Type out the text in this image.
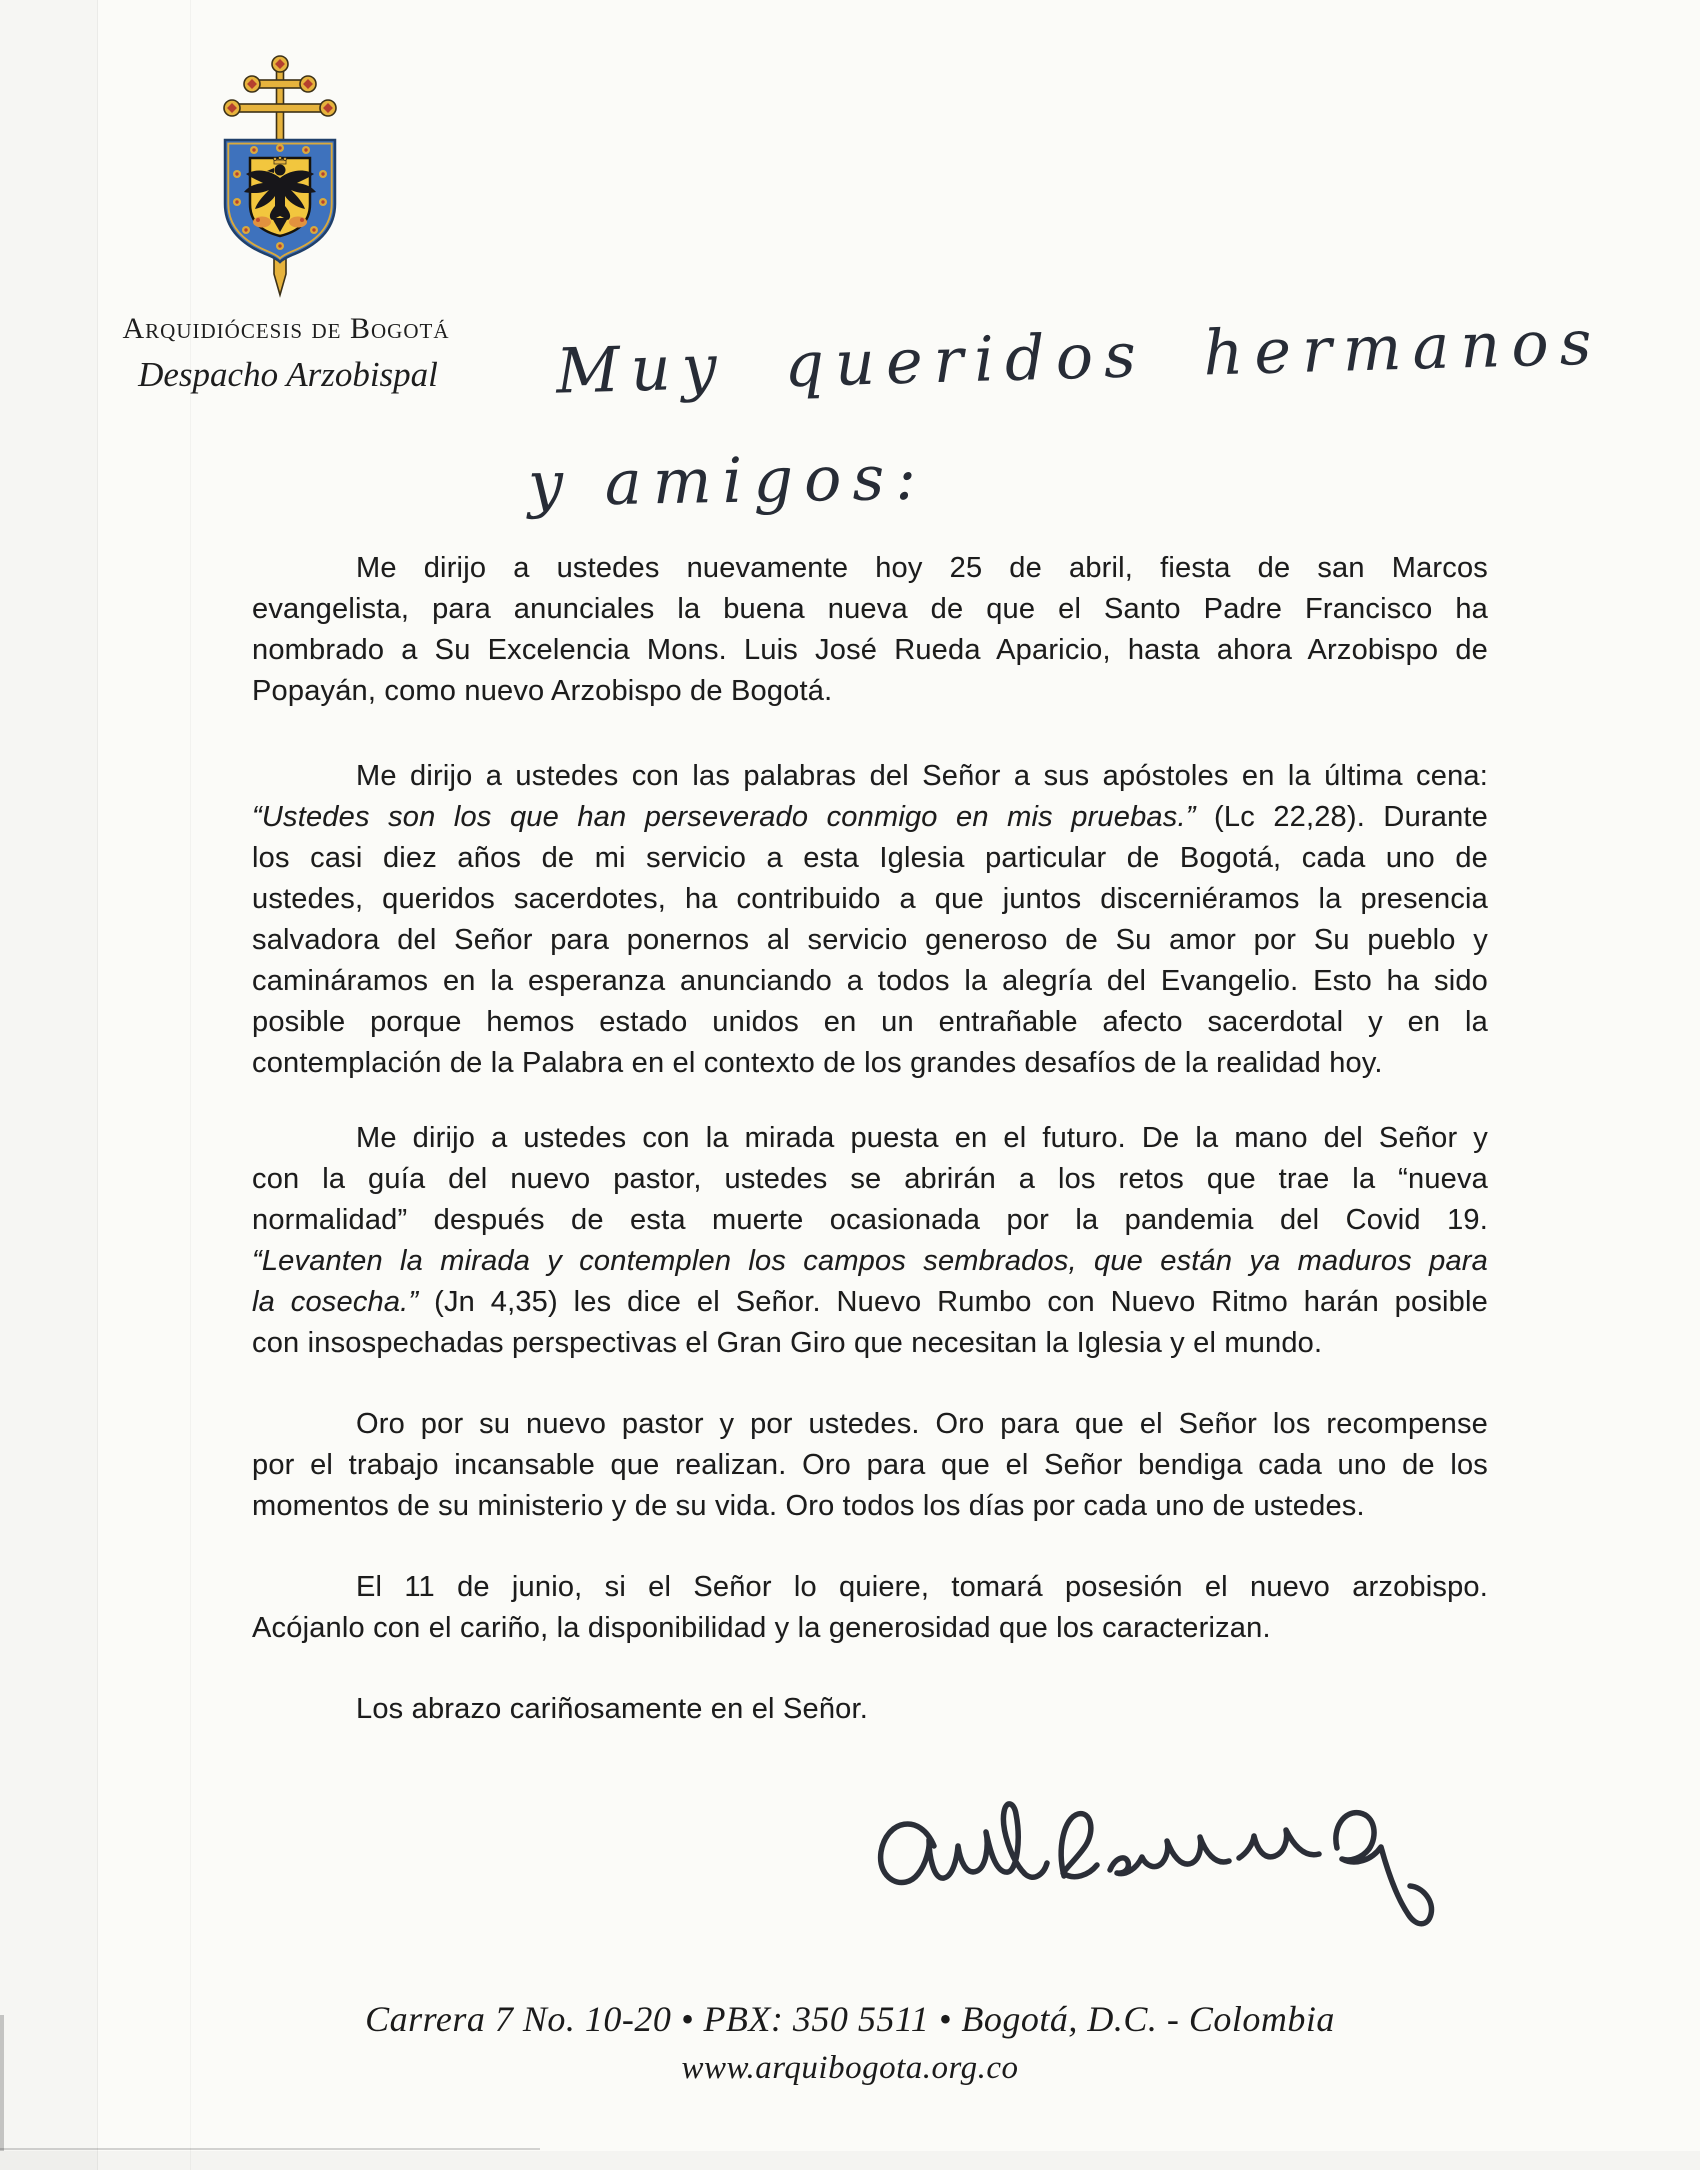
Arquidiócesis de Bogotá
Despacho Arzobispal Muy queridos hermanos
y amigos:
Me dirijo a ustedes nuevamente hoy 25 de abril, fiesta de san Marcos
evangelista, para anunciales la buena nueva de que el Santo Padre Francisco ha
nombrado a Su Excelencia Mons. Luis José Rueda Aparicio, hasta ahora Arzobispo de
Popayán, como nuevo Arzobispo de Bogotá.
Me dirijo a ustedes con las palabras del Señor a sus apóstoles en la última cena:
“Ustedes son los que han perseverado conmigo en mis pruebas.” (Lc 22,28). Durante
los casi diez años de mi servicio a esta Iglesia particular de Bogotá, cada uno de
ustedes, queridos sacerdotes, ha contribuido a que juntos discerniéramos la presencia
salvadora del Señor para ponernos al servicio generoso de Su amor por Su pueblo y
camináramos en la esperanza anunciando a todos la alegría del Evangelio. Esto ha sido
posible porque hemos estado unidos en un entrañable afecto sacerdotal y en la
contemplación de la Palabra en el contexto de los grandes desafíos de la realidad hoy.
Me dirijo a ustedes con la mirada puesta en el futuro. De la mano del Señor y
con la guía del nuevo pastor, ustedes se abrirán a los retos que trae la “nueva
normalidad” después de esta muerte ocasionada por la pandemia del Covid 19.
“Levanten la mirada y contemplen los campos sembrados, que están ya maduros para
la cosecha.” (Jn 4,35) les dice el Señor. Nuevo Rumbo con Nuevo Ritmo harán posible
con insospechadas perspectivas el Gran Giro que necesitan la Iglesia y el mundo.
Oro por su nuevo pastor y por ustedes. Oro para que el Señor los recompense
por el trabajo incansable que realizan. Oro para que el Señor bendiga cada uno de los
momentos de su ministerio y de su vida. Oro todos los días por cada uno de ustedes.
El 11 de junio, si el Señor lo quiere, tomará posesión el nuevo arzobispo.
Acójanlo con el cariño, la disponibilidad y la generosidad que los caracterizan.
Los abrazo cariñosamente en el Señor.
Carrera 7 No. 10-20 • PBX: 350 5511 • Bogotá, D.C. - Colombia
www.arquibogota.org.co
